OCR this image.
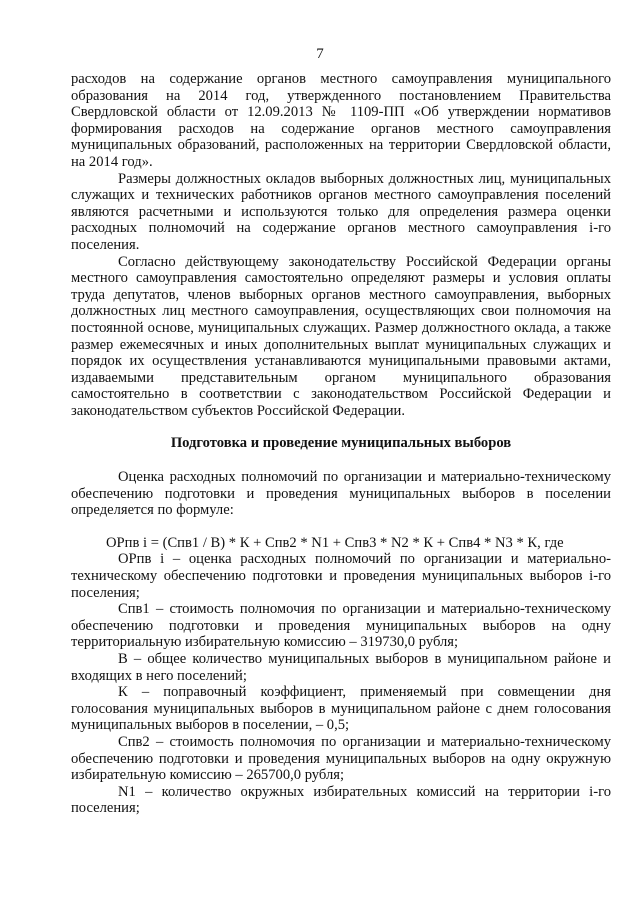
7

расходов на содержание органов местного самоуправления муниципального образования на 2014 год, утвержденного постановлением Правительства Свердловской области от 12.09.2013 № 1109-ПП «Об утверждении нормативов формирования расходов на содержание органов местного самоуправления муниципальных образований, расположенных на территории Свердловской области, на 2014 год».

Размеры должностных окладов выборных должностных лиц, муниципальных служащих и технических работников органов местного самоуправления поселений являются расчетными и используются только для определения размера оценки расходных полномочий на содержание органов местного самоуправления i-го поселения.

Согласно действующему законодательству Российской Федерации органы местного самоуправления самостоятельно определяют размеры и условия оплаты труда депутатов, членов выборных органов местного самоуправления, выборных должностных лиц местного самоуправления, осуществляющих свои полномочия на постоянной основе, муниципальных служащих. Размер должностного оклада, а также размер ежемесячных и иных дополнительных выплат муниципальных служащих и порядок их осуществления устанавливаются муниципальными правовыми актами, издаваемыми представительным органом муниципального образования самостоятельно в соответствии с законодательством Российской Федерации и законодательством субъектов Российской Федерации.

Подготовка и проведение муниципальных выборов

Оценка расходных полномочий по организации и материально-техническому обеспечению подготовки и проведения муниципальных выборов в поселении определяется по формуле:

ОРпв i = (Спв1 / В) * К + Спв2 * N1 + Спв3 * N2 * К + Спв4 * N3 * К, где

ОРпв i – оценка расходных полномочий по организации и материально-техническому обеспечению подготовки и проведения муниципальных выборов i-го поселения;

Спв1 – стоимость полномочия по организации и материально-техническому обеспечению подготовки и проведения муниципальных выборов на одну территориальную избирательную комиссию – 319730,0 рубля;

В – общее количество муниципальных выборов в муниципальном районе и входящих в него поселений;

К – поправочный коэффициент, применяемый при совмещении дня голосования муниципальных выборов в муниципальном районе с днем голосования муниципальных выборов в поселении, – 0,5;

Спв2 – стоимость полномочия по организации и материально-техническому обеспечению подготовки и проведения муниципальных выборов на одну окружную избирательную комиссию – 265700,0 рубля;

N1 – количество окружных избирательных комиссий на территории i-го поселения;
